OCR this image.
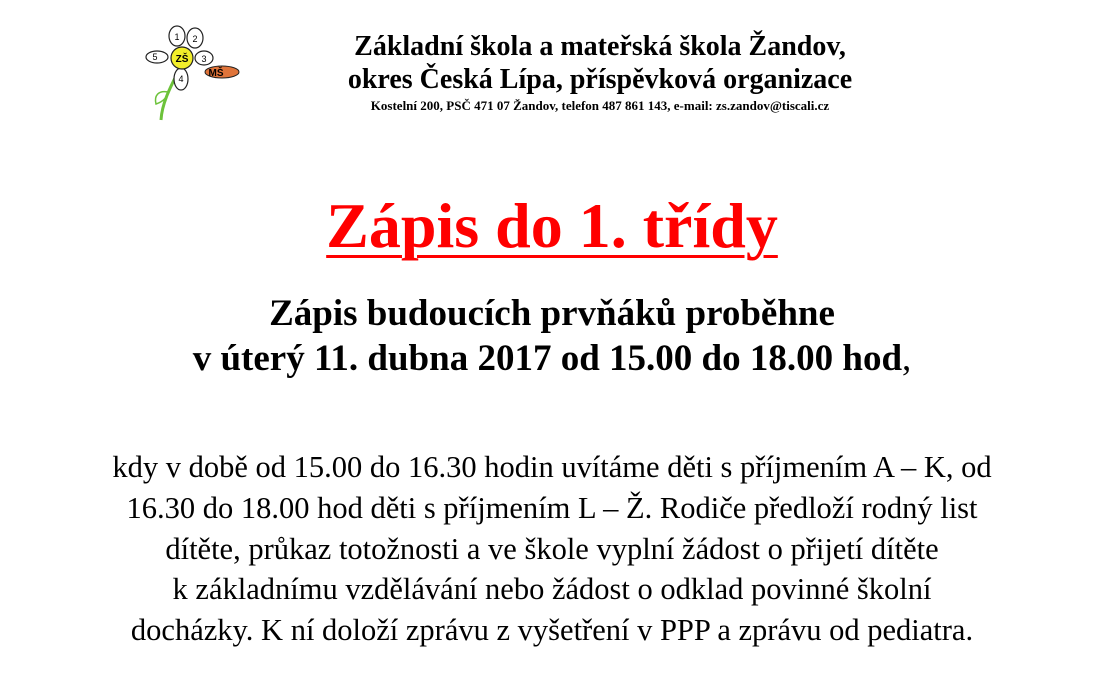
1 2
3
4
5 ZŠ
MŠ
Základní škola a mateřská škola Žandov,
okres Česká Lípa, příspěvková organizace
Kostelní 200, PSČ 471 07 Žandov, telefon 487 861 143, e-mail: zs.zandov@tiscali.cz
Zápis do 1. třídy
Zápis budoucích prvňáků proběhne
v úterý 11. dubna 2017 od 15.00 do 18.00 hod,
kdy v době od 15.00 do 16.30 hodin uvítáme děti s příjmením A – K, od
16.30 do 18.00 hod děti s příjmením L – Ž. Rodiče předloží rodný list
dítěte, průkaz totožnosti a ve škole vyplní žádost o přijetí dítěte
k základnímu vzdělávání nebo žádost o odklad povinné školní
docházky. K ní doloží zprávu z vyšetření v PPP a zprávu od pediatra.
